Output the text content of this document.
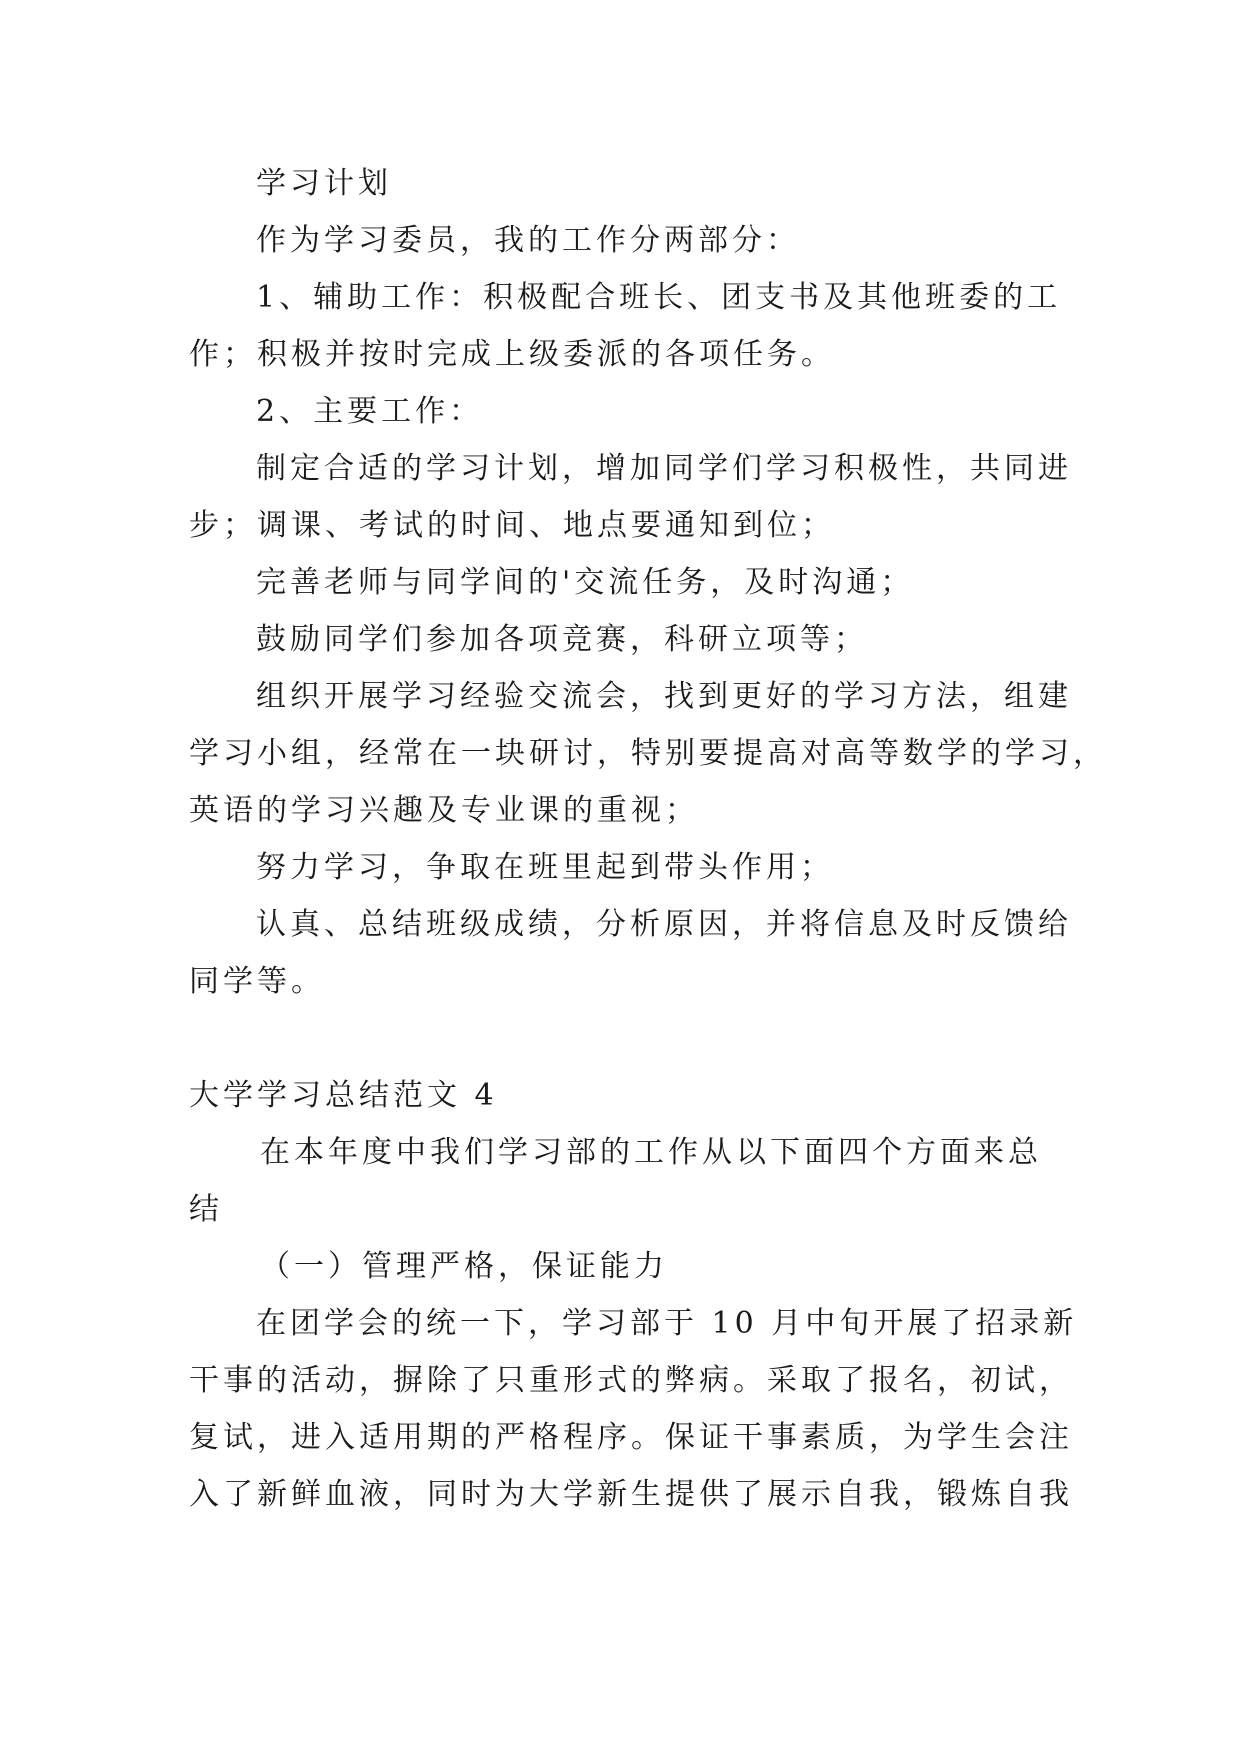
学习计划
作为学习委员，我的工作分两部分：
1、辅助工作：积极配合班长、团支书及其他班委的工
作；积极并按时完成上级委派的各项任务。
2、主要工作：
制定合适的学习计划，增加同学们学习积极性，共同进
步；调课、考试的时间、地点要通知到位；
完善老师与同学间的'交流任务，及时沟通；
鼓励同学们参加各项竞赛，科研立项等；
组织开展学习经验交流会，找到更好的学习方法，组建
学习小组，经常在一块研讨，特别要提高对高等数学的学习，
英语的学习兴趣及专业课的重视；
努力学习，争取在班里起到带头作用；
认真、总结班级成绩，分析原因，并将信息及时反馈给
同学等。
大学学习总结范文 4
在本年度中我们学习部的工作从以下面四个方面来总
结
（一）管理严格，保证能力
在团学会的统一下，学习部于 10 月中旬开展了招录新
干事的活动，摒除了只重形式的弊病。采取了报名，初试，
复试，进入适用期的严格程序。保证干事素质，为学生会注
入了新鲜血液，同时为大学新生提供了展示自我，锻炼自我
